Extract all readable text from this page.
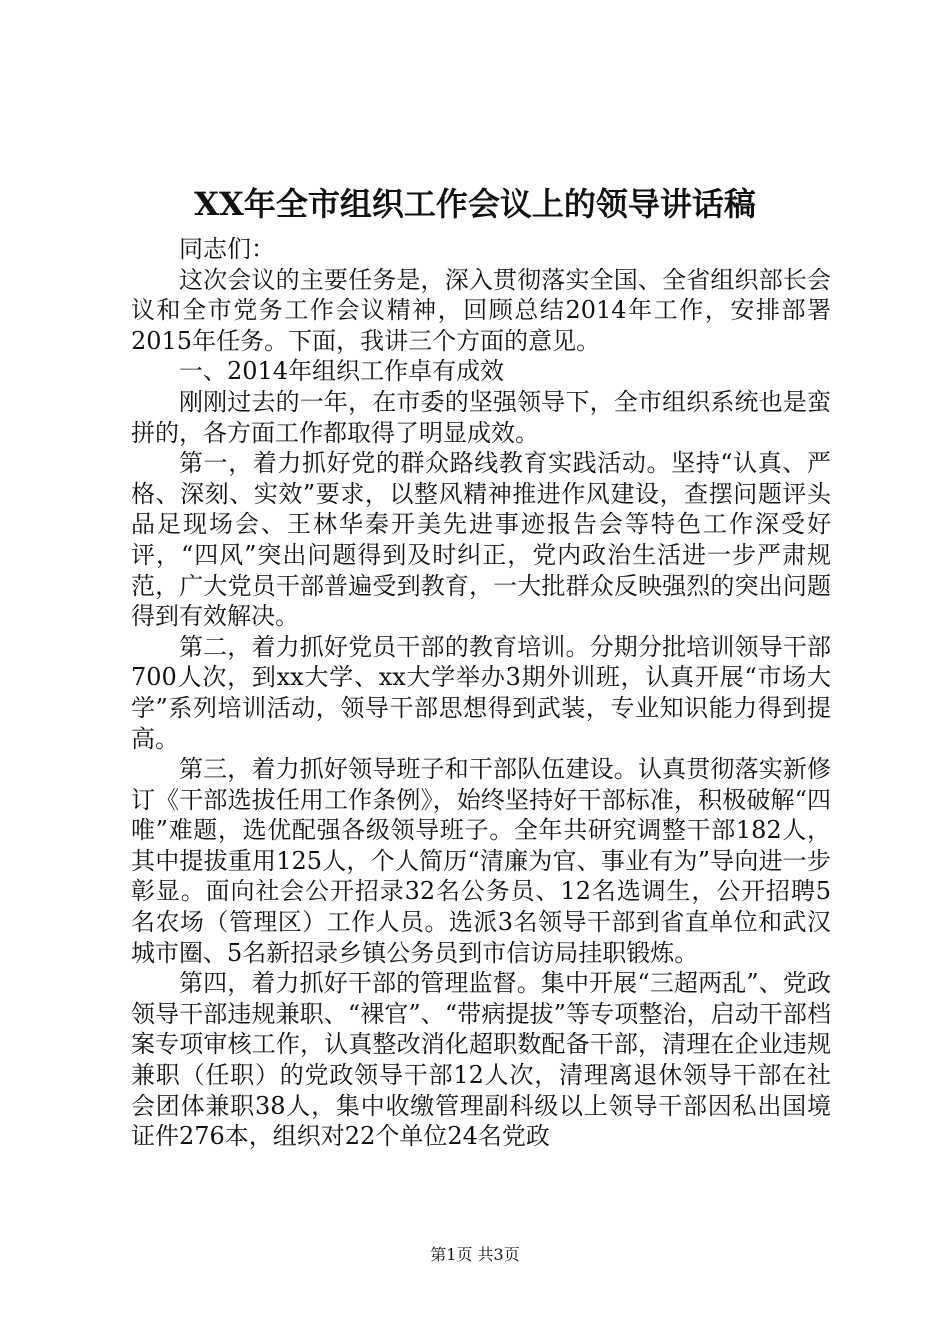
XX年全市组织工作会议上的领导讲话稿

同志们：

这次会议的主要任务是，深入贯彻落实全国、全省组织部长会议和全市党务工作会议精神，回顾总结2014年工作，安排部署2015年任务。下面，我讲三个方面的意见。

一、2014年组织工作卓有成效

刚刚过去的一年，在市委的坚强领导下，全市组织系统也是蛮拼的，各方面工作都取得了明显成效。

第一，着力抓好党的群众路线教育实践活动。坚持“认真、严格、深刻、实效”要求，以整风精神推进作风建设，查摆问题评头品足现场会、王林华秦开美先进事迹报告会等特色工作深受好评，“四风”突出问题得到及时纠正，党内政治生活进一步严肃规范，广大党员干部普遍受到教育，一大批群众反映强烈的突出问题得到有效解决。

第二，着力抓好党员干部的教育培训。分期分批培训领导干部700人次，到xx大学、xx大学举办3期外训班，认真开展“市场大学”系列培训活动，领导干部思想得到武装，专业知识能力得到提高。

第三，着力抓好领导班子和干部队伍建设。认真贯彻落实新修订《干部选拔任用工作条例》，始终坚持好干部标准，积极破解“四唯”难题，选优配强各级领导班子。全年共研究调整干部182人，其中提拔重用125人，个人简历“清廉为官、事业有为”导向进一步彰显。面向社会公开招录32名公务员、12名选调生，公开招聘5名农场（管理区）工作人员。选派3名领导干部到省直单位和武汉城市圈、5名新招录乡镇公务员到市信访局挂职锻炼。

第四，着力抓好干部的管理监督。集中开展“三超两乱”、党政领导干部违规兼职、“裸官”、“带病提拔”等专项整治，启动干部档案专项审核工作，认真整改消化超职数配备干部，清理在企业违规兼职（任职）的党政领导干部12人次，清理离退休领导干部在社会团体兼职38人，集中收缴管理副科级以上领导干部因私出国境证件276本，组织对22个单位24名党政

第1页 共3页
